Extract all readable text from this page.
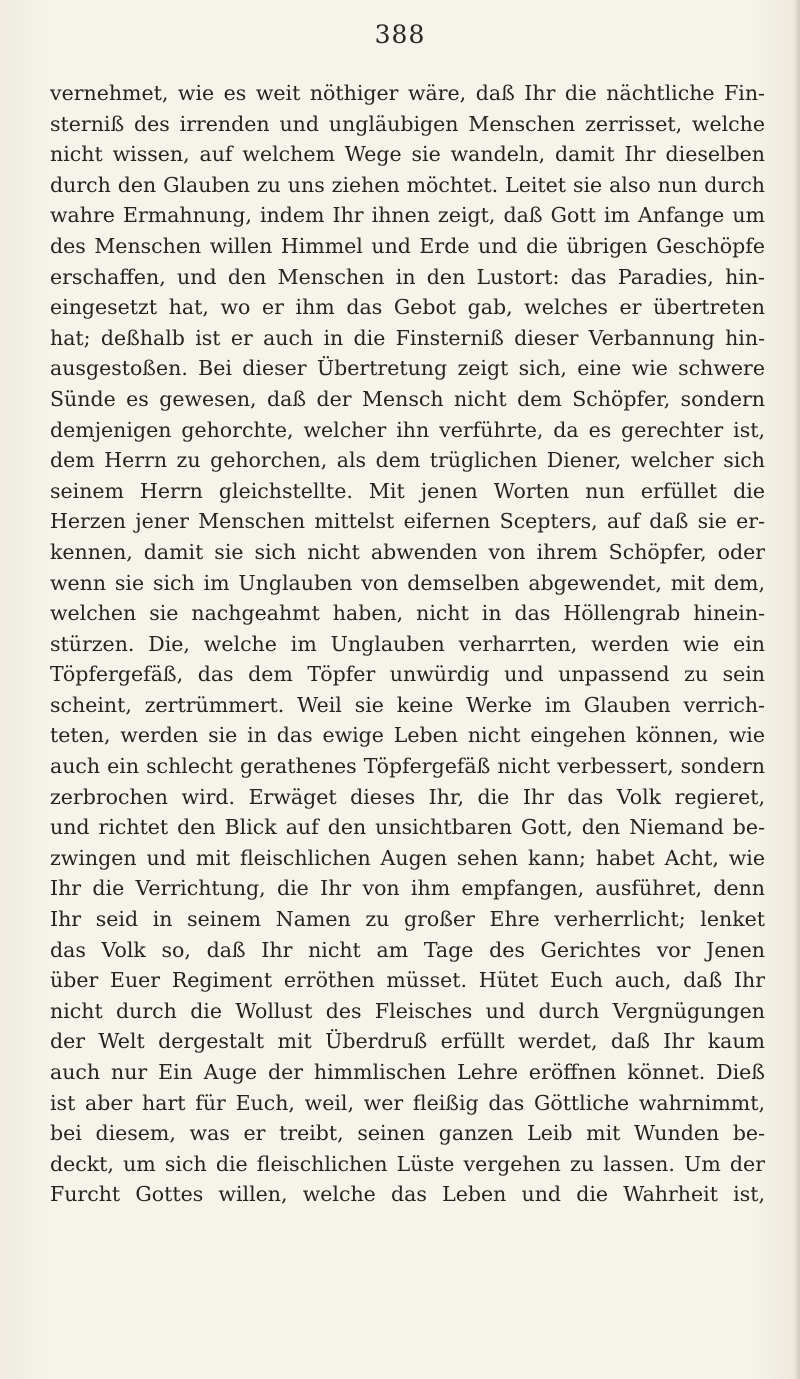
388
vernehmet, wie es weit nöthiger wäre, daß Ihr die nächtliche Fin-
sterniß des irrenden und ungläubigen Menschen zerrisset, welche
nicht wissen, auf welchem Wege sie wandeln, damit Ihr dieselben
durch den Glauben zu uns ziehen möchtet. Leitet sie also nun durch
wahre Ermahnung, indem Ihr ihnen zeigt, daß Gott im Anfange um
des Menschen willen Himmel und Erde und die übrigen Geschöpfe
erschaffen, und den Menschen in den Lustort: das Paradies, hin-
eingesetzt hat, wo er ihm das Gebot gab, welches er übertreten
hat; deßhalb ist er auch in die Finsterniß dieser Verbannung hin-
ausgestoßen. Bei dieser Übertretung zeigt sich, eine wie schwere
Sünde es gewesen, daß der Mensch nicht dem Schöpfer, sondern
demjenigen gehorchte, welcher ihn verführte, da es gerechter ist,
dem Herrn zu gehorchen, als dem trüglichen Diener, welcher sich
seinem Herrn gleichstellte. Mit jenen Worten nun erfüllet die
Herzen jener Menschen mittelst eifernen Scepters, auf daß sie er-
kennen, damit sie sich nicht abwenden von ihrem Schöpfer, oder
wenn sie sich im Unglauben von demselben abgewendet, mit dem,
welchen sie nachgeahmt haben, nicht in das Höllengrab hinein-
stürzen. Die, welche im Unglauben verharrten, werden wie ein
Töpfergefäß, das dem Töpfer unwürdig und unpassend zu sein
scheint, zertrümmert. Weil sie keine Werke im Glauben verrich-
teten, werden sie in das ewige Leben nicht eingehen können, wie
auch ein schlecht gerathenes Töpfergefäß nicht verbessert, sondern
zerbrochen wird. Erwäget dieses Ihr, die Ihr das Volk regieret,
und richtet den Blick auf den unsichtbaren Gott, den Niemand be-
zwingen und mit fleischlichen Augen sehen kann; habet Acht, wie
Ihr die Verrichtung, die Ihr von ihm empfangen, ausführet, denn
Ihr seid in seinem Namen zu großer Ehre verherrlicht; lenket
das Volk so, daß Ihr nicht am Tage des Gerichtes vor Jenen
über Euer Regiment erröthen müsset. Hütet Euch auch, daß Ihr
nicht durch die Wollust des Fleisches und durch Vergnügungen
der Welt dergestalt mit Überdruß erfüllt werdet, daß Ihr kaum
auch nur Ein Auge der himmlischen Lehre eröffnen könnet. Dieß
ist aber hart für Euch, weil, wer fleißig das Göttliche wahrnimmt,
bei diesem, was er treibt, seinen ganzen Leib mit Wunden be-
deckt, um sich die fleischlichen Lüste vergehen zu lassen. Um der
Furcht Gottes willen, welche das Leben und die Wahrheit ist,
